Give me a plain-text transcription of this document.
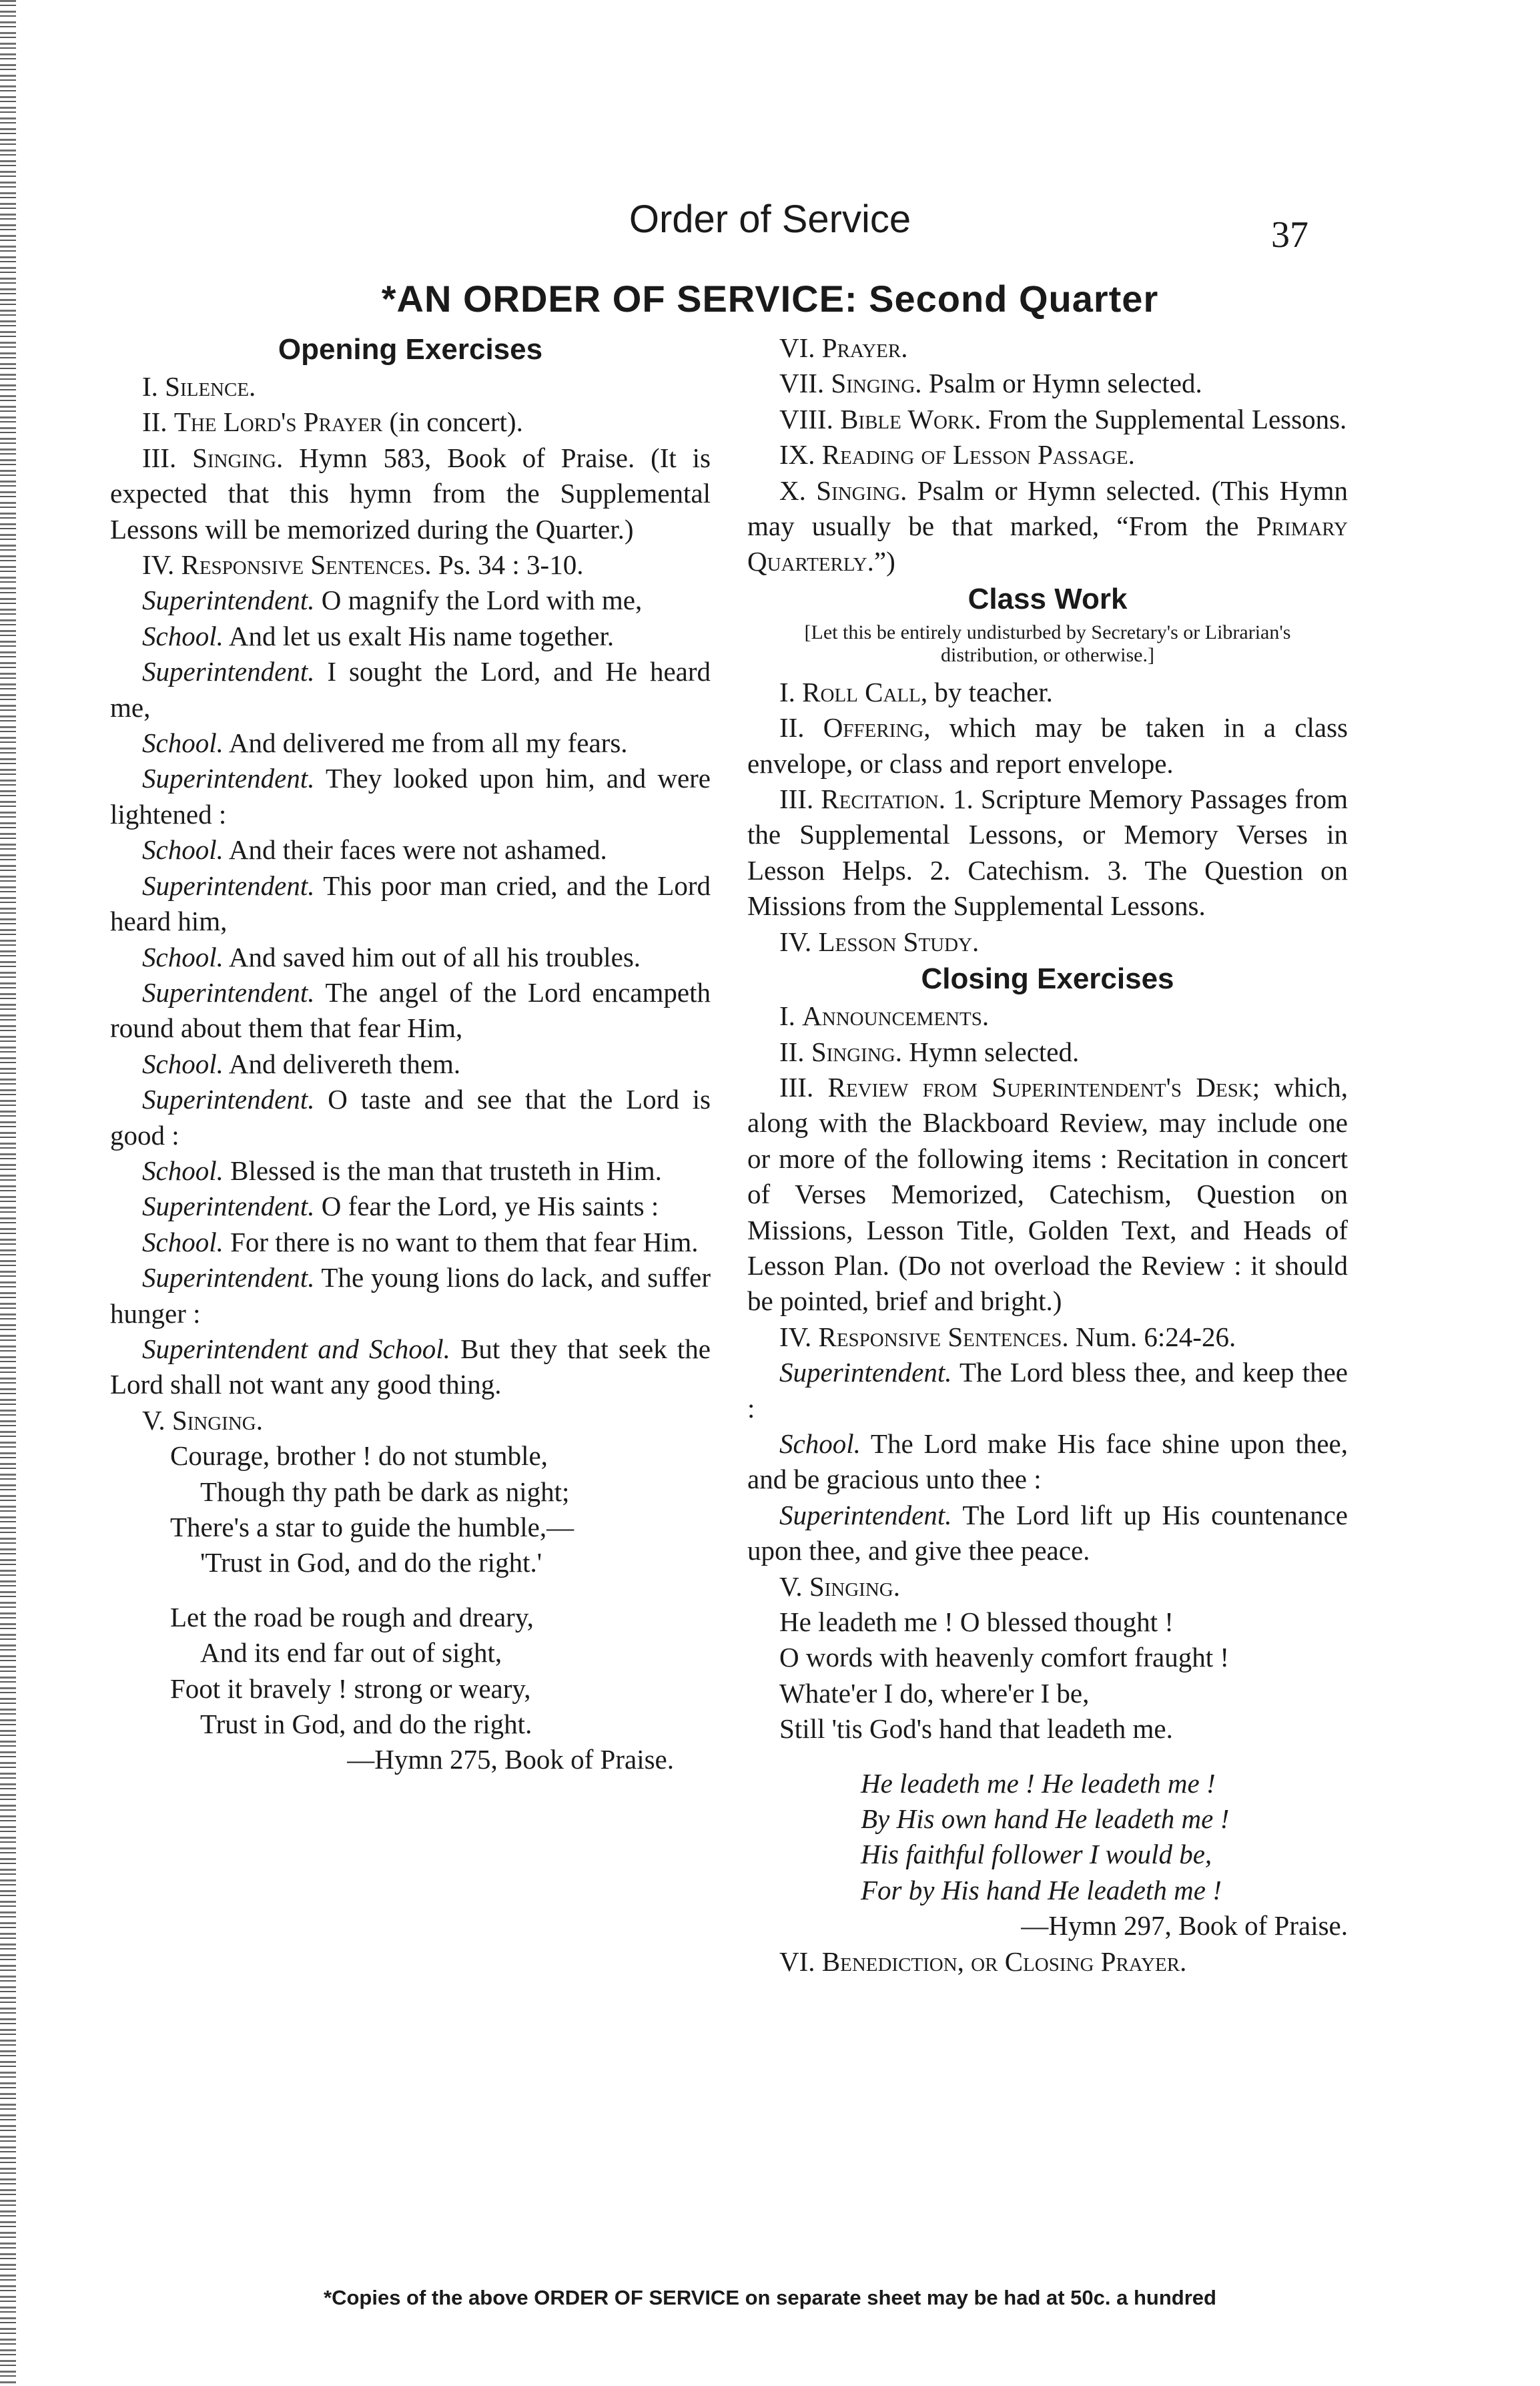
Order of Service	37
*AN ORDER OF SERVICE: Second Quarter
Opening Exercises

I. Silence.

II. The Lord's Prayer (in concert).

III. Singing. Hymn 583, Book of Praise. (It is expected that this hymn from the Supplemental Lessons will be memorized during the Quarter.)

IV. Responsive Sentences. Ps. 34 : 3-10.

Superintendent. O magnify the Lord with me,

School. And let us exalt His name together.

Superintendent. I sought the Lord, and He heard me,

School. And delivered me from all my fears.

Superintendent. They looked upon him, and were lightened :

School. And their faces were not ashamed.

Superintendent. This poor man cried, and the Lord heard him,

School. And saved him out of all his troubles.

Superintendent. The angel of the Lord encampeth round about them that fear Him,

School. And delivereth them.

Superintendent. O taste and see that the Lord is good :

School. Blessed is the man that trusteth in Him.

Superintendent. O fear the Lord, ye His saints :

School. For there is no want to them that fear Him.

Superintendent. The young lions do lack, and suffer hunger :

Superintendent and School. But they that seek the Lord shall not want any good thing.

V. Singing.

Courage, brother ! do not stumble,
Though thy path be dark as night;
There's a star to guide the humble,—
'Trust in God, and do the right.'
Let the road be rough and dreary,
And its end far out of sight,
Foot it bravely ! strong or weary,
Trust in God, and do the right.

—Hymn 275, Book of Praise.

VI. Prayer.

VII. Singing. Psalm or Hymn selected.

VIII. Bible Work. From the Supplemental Lessons.

IX. Reading of Lesson Passage.

X. Singing. Psalm or Hymn selected. (This Hymn may usually be that marked, “From the Primary Quarterly.”)

Class Work
[Let this be entirely undisturbed by Secretary's or Librarian's distribution, or otherwise.]

I. Roll Call, by teacher.

II. Offering, which may be taken in a class envelope, or class and report envelope.

III. Recitation. 1. Scripture Memory Passages from the Supplemental Lessons, or Memory Verses in Lesson Helps. 2. Catechism. 3. The Question on Missions from the Supplemental Lessons.

IV. Lesson Study.

Closing Exercises

I. Announcements.

II. Singing. Hymn selected.

III. Review from Superintendent's Desk; which, along with the Blackboard Review, may include one or more of the following items : Recitation in concert of Verses Memorized, Catechism, Question on Missions, Lesson Title, Golden Text, and Heads of Lesson Plan. (Do not overload the Review : it should be pointed, brief and bright.)

IV. Responsive Sentences. Num. 6:24-26.

Superintendent. The Lord bless thee, and keep thee :

School. The Lord make His face shine upon thee, and be gracious unto thee :

Superintendent. The Lord lift up His countenance upon thee, and give thee peace.

V. Singing.

He leadeth me ! O blessed thought !
O words with heavenly comfort fraught !
Whate'er I do, where'er I be,
Still 'tis God's hand that leadeth me.
He leadeth me ! He leadeth me !
By His own hand He leadeth me !
His faithful follower I would be,
For by His hand He leadeth me !

—Hymn 297, Book of Praise.

VI. Benediction, or Closing Prayer.

*Copies of the above ORDER OF SERVICE on separate sheet may be had at 50c. a hundred
